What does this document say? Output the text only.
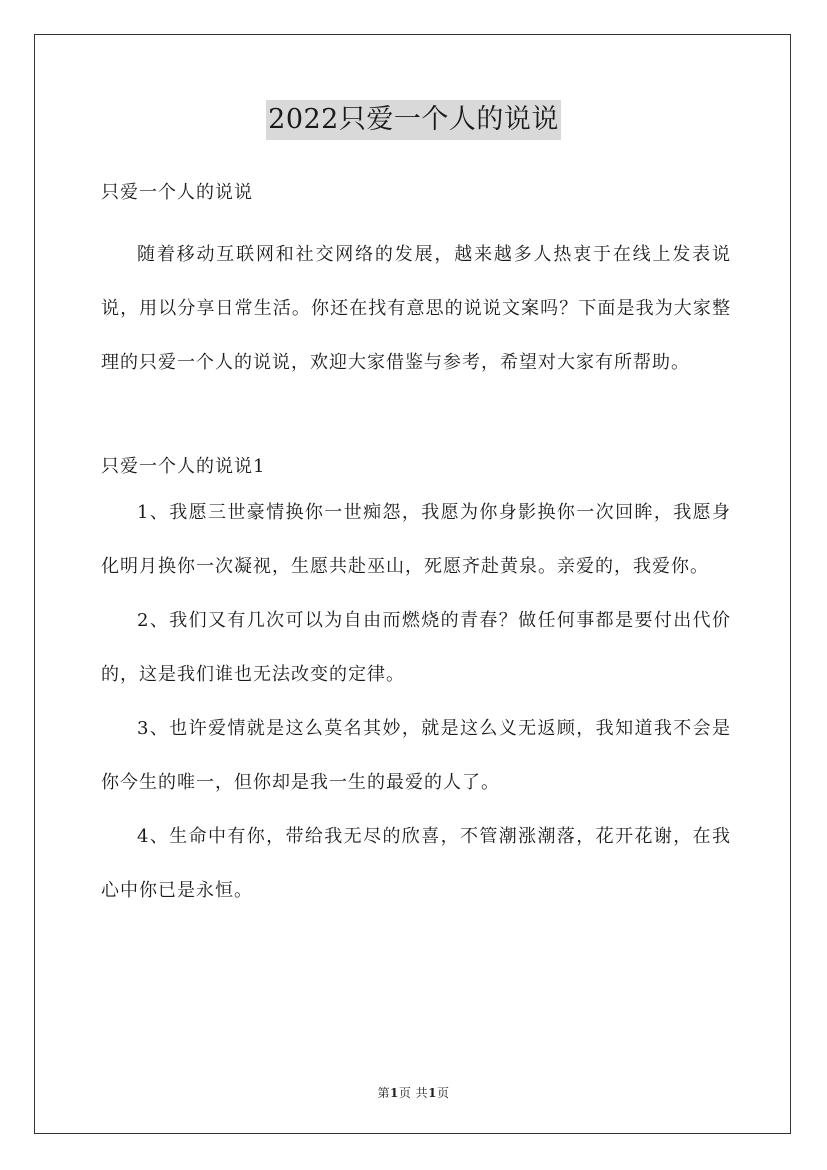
2022只爱一个人的说说

只爱一个人的说说

随着移动互联网和社交网络的发展，越来越多人热衷于在线上发表说说，用以分享日常生活。你还在找有意思的说说文案吗？下面是我为大家整理的只爱一个人的说说，欢迎大家借鉴与参考，希望对大家有所帮助。

只爱一个人的说说1

1、我愿三世豪情换你一世痴怨，我愿为你身影换你一次回眸，我愿身化明月换你一次凝视，生愿共赴巫山，死愿齐赴黄泉。亲爱的，我爱你。

2、我们又有几次可以为自由而燃烧的青春？做任何事都是要付出代价的，这是我们谁也无法改变的定律。

3、也许爱情就是这么莫名其妙，就是这么义无返顾，我知道我不会是你今生的唯一，但你却是我一生的最爱的人了。

4、生命中有你，带给我无尽的欣喜，不管潮涨潮落，花开花谢，在我心中你已是永恒。

第1页 共1页
